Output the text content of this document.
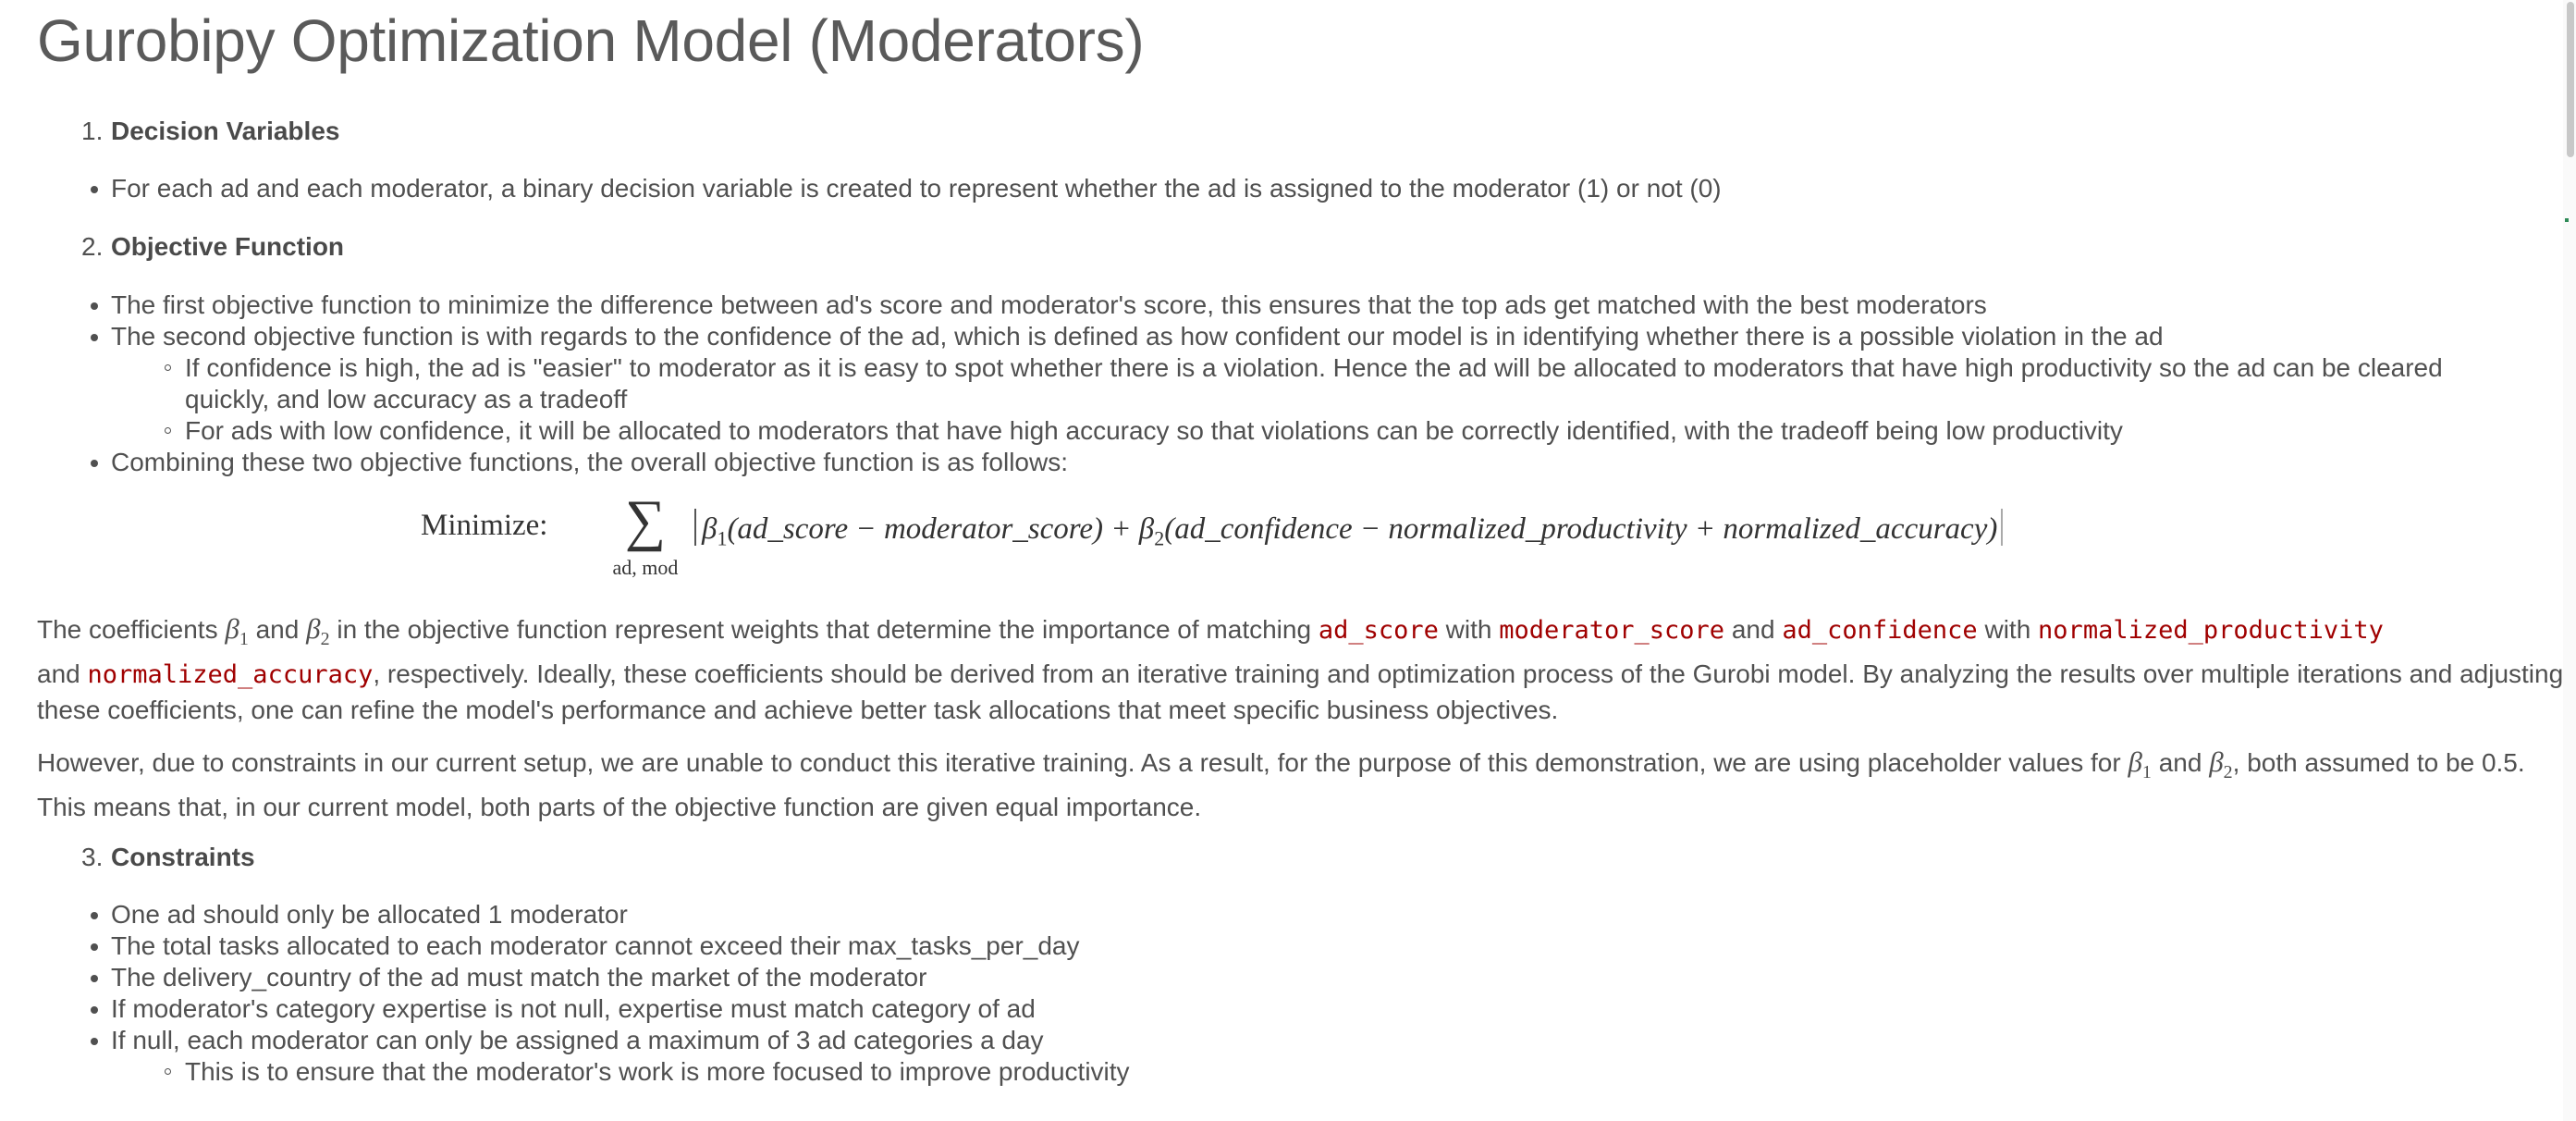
Gurobipy Optimization Model (Moderators)

1. Decision Variables

For each ad and each moderator, a binary decision variable is created to represent whether the ad is assigned to the moderator (1) or not (0)

2. Objective Function

The first objective function to minimize the difference between ad's score and moderator's score, this ensures that the top ads get matched with the best moderators
The second objective function is with regards to the confidence of the ad, which is defined as how confident our model is in identifying whether there is a possible violation in the ad
If confidence is high, the ad is "easier" to moderator as it is easy to spot whether there is a violation. Hence the ad will be allocated to moderators that have high productivity so the ad can be cleared quickly, and low accuracy as a tradeoff
For ads with low confidence, it will be allocated to moderators that have high accuracy so that violations can be correctly identified, with the tradeoff being low productivity
Combining these two objective functions, the overall objective function is as follows:
Minimize:	∑
ad, mod
$\beta_1(ad\_score$ − moderator_score) + $\beta_2(ad\_confidence$ − normalized_productivity + normalized_accuracy)

The coefficients $\beta_1$ and $\beta_2$ in the objective function represent weights that determine the importance of matching ad_score with moderator_score and ad_confidence with normalized_productivity
and normalized_accuracy, respectively. Ideally, these coefficients should be derived from an iterative training and optimization process of the Gurobi model. By analyzing the results over multiple iterations and adjusting these coefficients, one can refine the model's performance and achieve better task allocations that meet specific business objectives.

However, due to constraints in our current setup, we are unable to conduct this iterative training. As a result, for the purpose of this demonstration, we are using placeholder values for $\beta_1$ and $\beta_2$, both assumed to be 0.5. This means that, in our current model, both parts of the objective function are given equal importance.

3. Constraints

One ad should only be allocated 1 moderator
The total tasks allocated to each moderator cannot exceed their max_tasks_per_day
The delivery_country of the ad must match the market of the moderator
If moderator's category expertise is not null, expertise must match category of ad
If null, each moderator can only be assigned a maximum of 3 ad categories a day
This is to ensure that the moderator's work is more focused to improve productivity
